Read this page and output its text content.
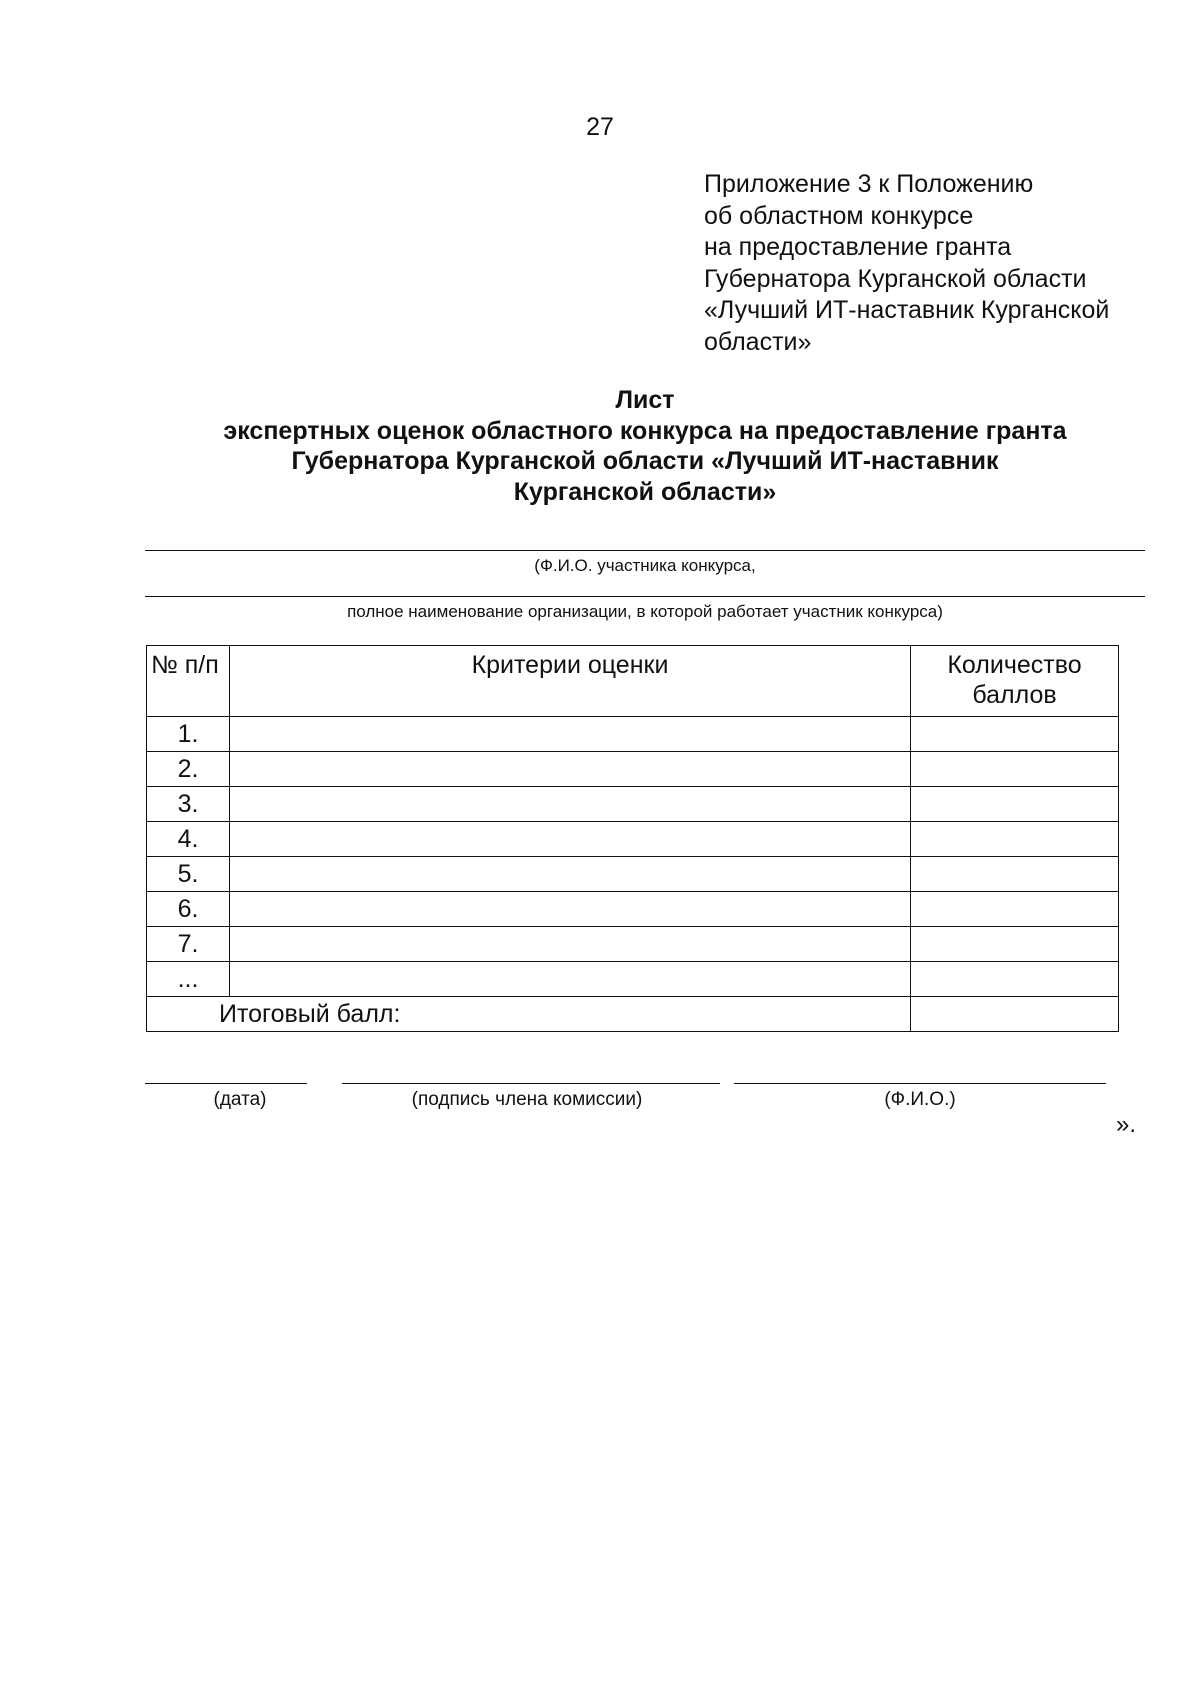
27
Приложение 3 к Положению
об областном конкурсе
на предоставление гранта
Губернатора Курганской области
«Лучший ИТ-наставник Курганской
области»
Лист
экспертных оценок областного конкурса на предоставление гранта
Губернатора Курганской области «Лучший ИТ-наставник
Курганской области»
(Ф.И.О. участника конкурса,
полное наименование организации, в которой работает участник конкурса)
№ п/п	Критерии оценки	Количество
баллов

1.		
2.		
3.		
4.		
5.		
6.		
7.		
...		
Итоговый балл:		
(дата)	(подпись члена комиссии)	(Ф.И.О.)
».
